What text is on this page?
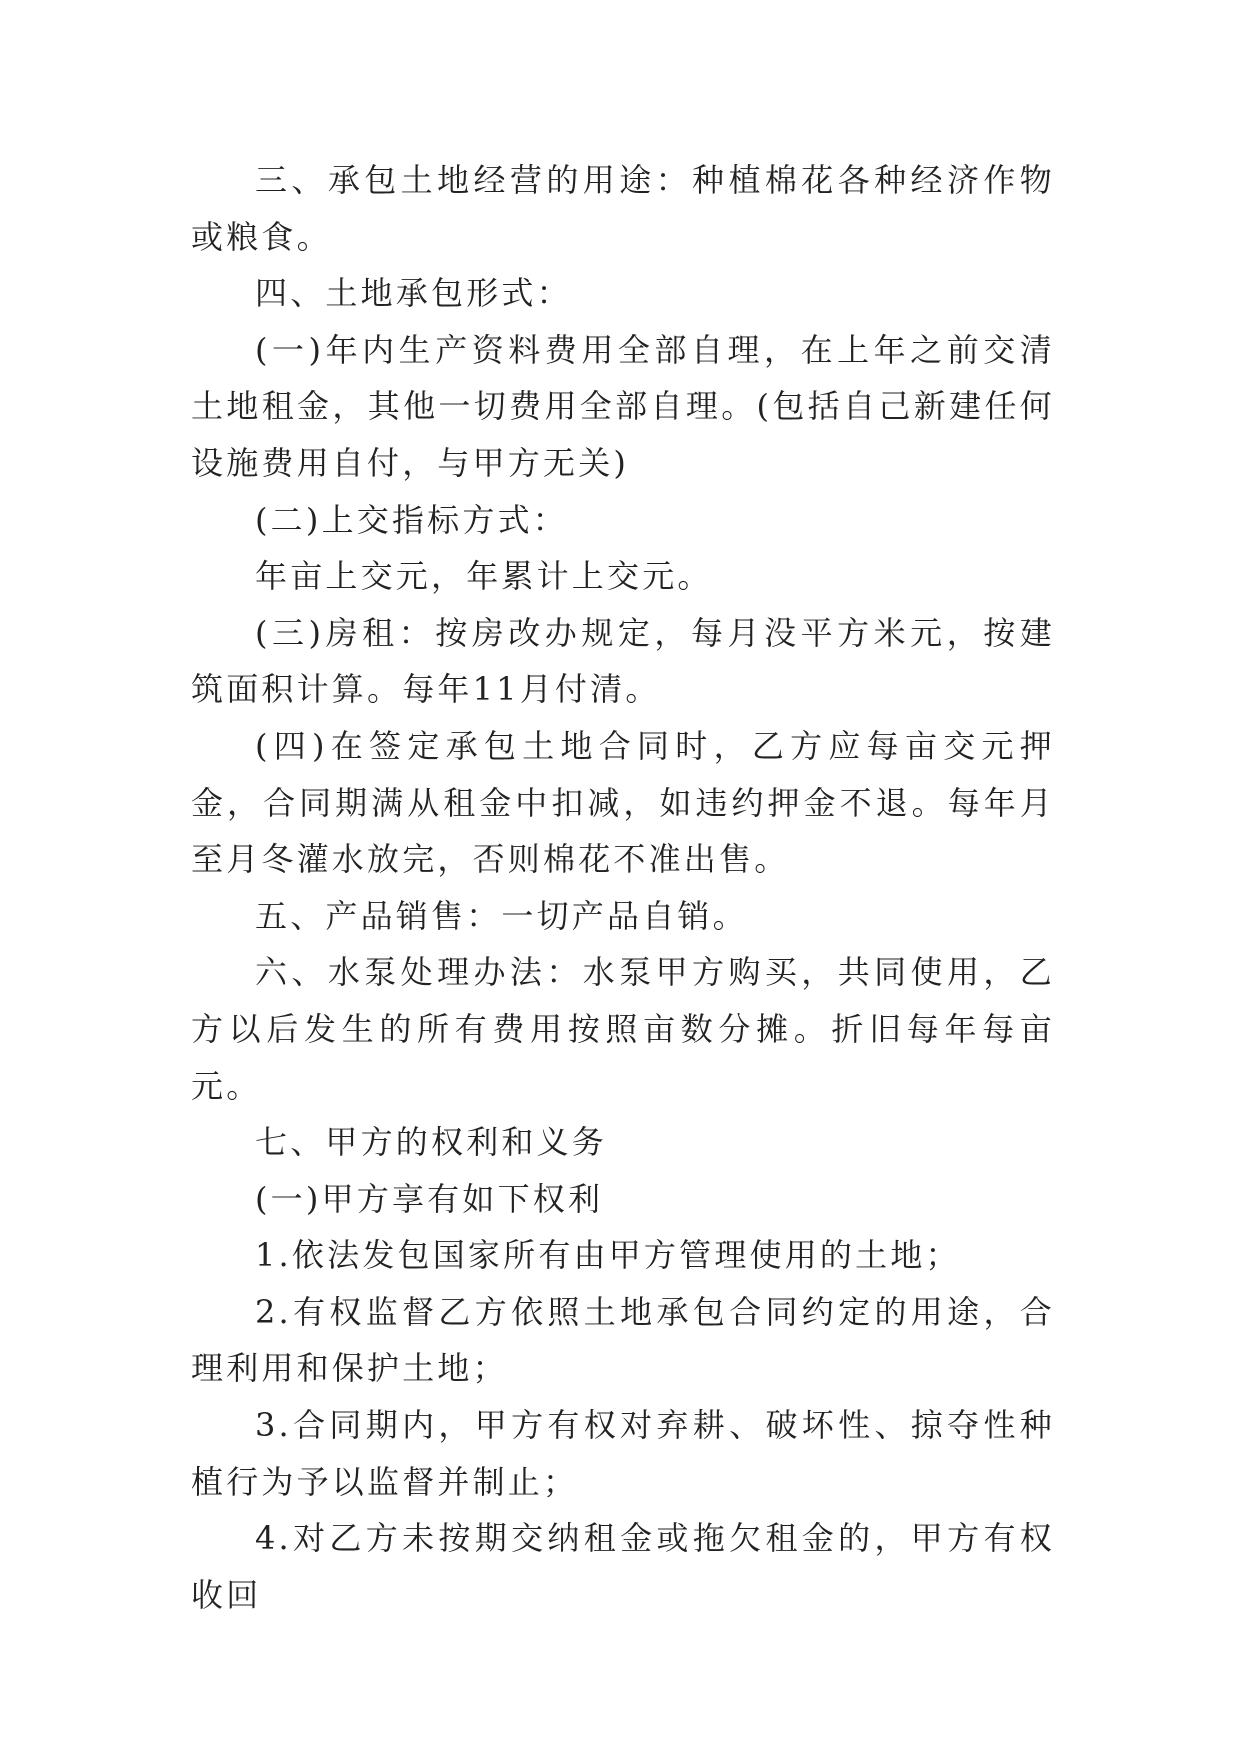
三、承包土地经营的用途：种植棉花各种经济作物或粮食。

四、土地承包形式：

(一)年内生产资料费用全部自理，在上年之前交清土地租金，其他一切费用全部自理。(包括自己新建任何设施费用自付，与甲方无关)

(二)上交指标方式：

年亩上交元，年累计上交元。

(三)房租：按房改办规定，每月没平方米元，按建筑面积计算。每年11月付清。

(四)在签定承包土地合同时，乙方应每亩交元押金，合同期满从租金中扣减，如违约押金不退。每年月至月冬灌水放完，否则棉花不准出售。

五、产品销售：一切产品自销。

六、水泵处理办法：水泵甲方购买，共同使用，乙方以后发生的所有费用按照亩数分摊。折旧每年每亩元。

七、甲方的权利和义务

(一)甲方享有如下权利

1.依法发包国家所有由甲方管理使用的土地；

2.有权监督乙方依照土地承包合同约定的用途，合理利用和保护土地；

3.合同期内，甲方有权对弃耕、破坏性、掠夺性种植行为予以监督并制止；

4.对乙方未按期交纳租金或拖欠租金的，甲方有权收回
